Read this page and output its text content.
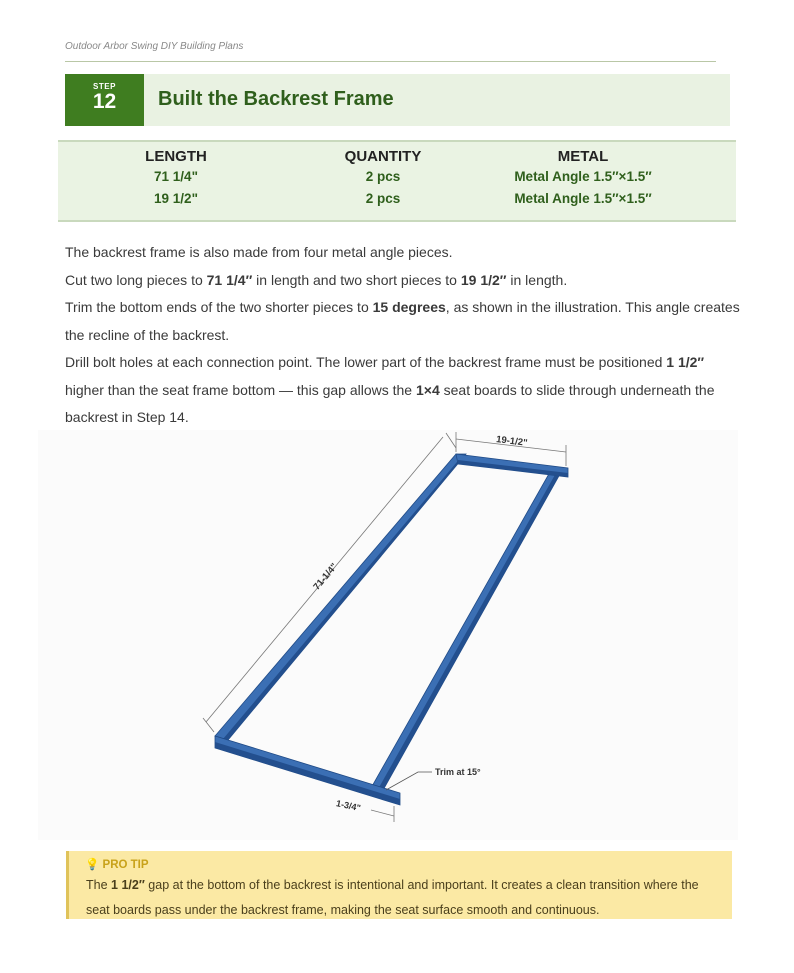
Outdoor Arbor Swing DIY Building Plans
STEP
12	Built the Backrest Frame
LENGTH
71 1/4"
19 1/2"
QUANTITY
2 pcs
2 pcs
METAL
Metal Angle 1.5″×1.5″
Metal Angle 1.5″×1.5″

The backrest frame is also made from four metal angle pieces.

Cut two long pieces to 71 1/4″ in length and two short pieces to 19 1/2″ in length.

Trim the bottom ends of the two shorter pieces to 15 degrees, as shown in the illustration. This angle creates the recline of the backrest.

Drill bolt holes at each connection point. The lower part of the backrest frame must be positioned 1 1/2″ higher than the seat frame bottom — this gap allows the 1×4 seat boards to slide through underneath the backrest in Step 14.

71-1/4"
19-1/2"
1-3/4"
Trim at 15°
💡 PRO TIP

The 1 1/2″ gap at the bottom of the backrest is intentional and important. It creates a clean transition where the seat boards pass under the backrest frame, making the seat surface smooth and continuous.
